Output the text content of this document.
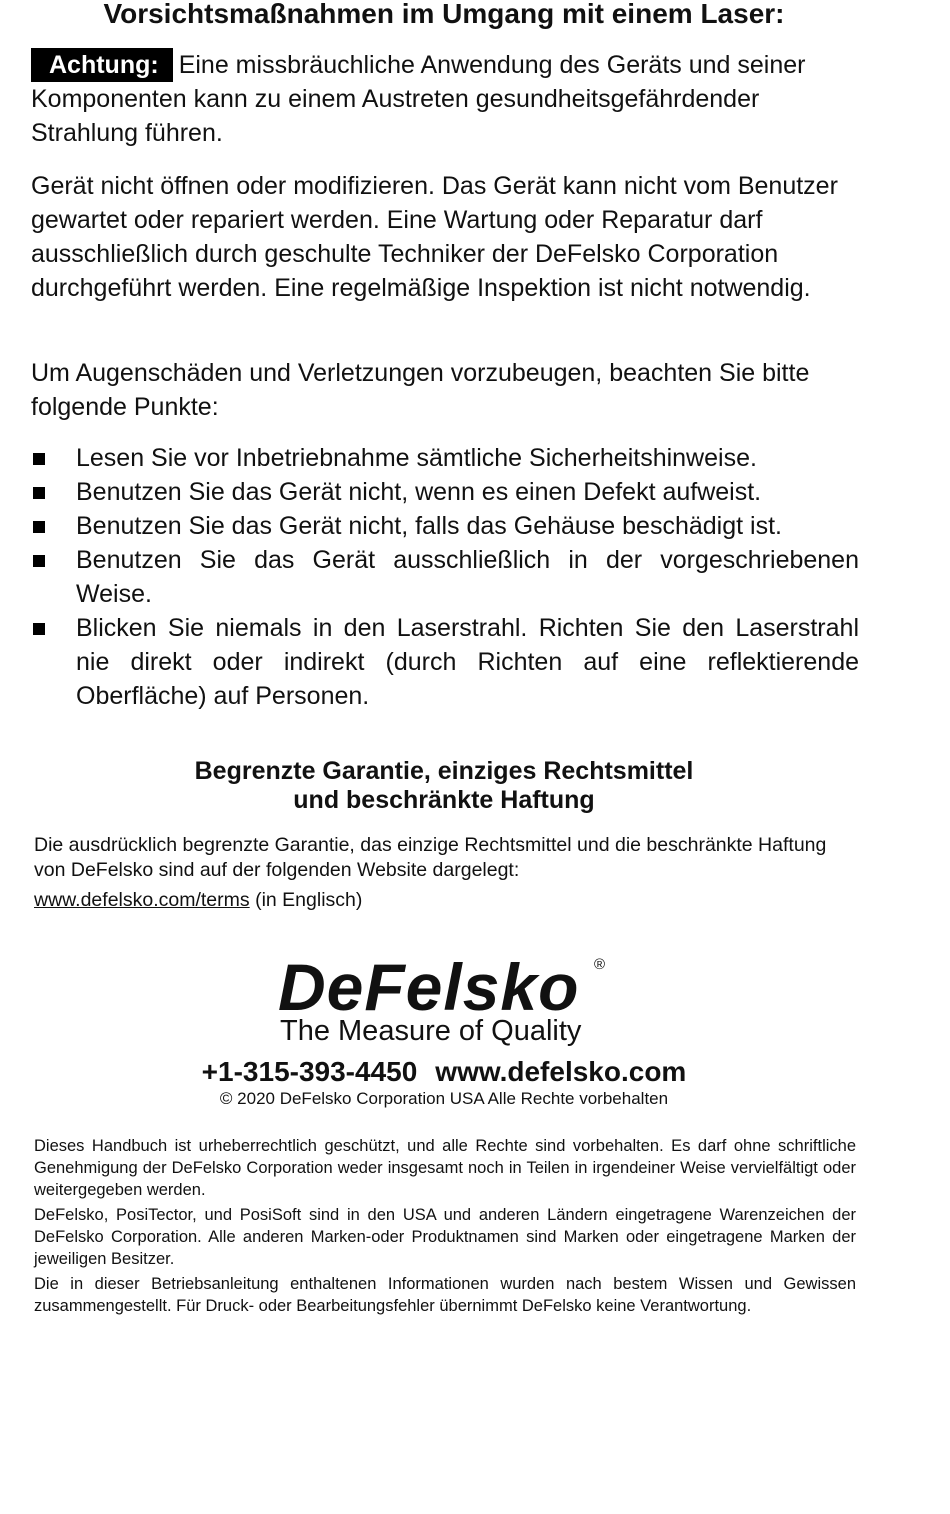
Vorsichtsmaßnahmen im Umgang mit einem Laser:

Achtung: Eine missbräuchliche Anwendung des Geräts und seiner Komponenten kann zu einem Austreten gesundheitsgefährdender Strahlung führen.

Gerät nicht öffnen oder modifizieren. Das Gerät kann nicht vom Benutzer gewartet oder repariert werden. Eine Wartung oder Reparatur darf ausschließlich durch geschulte Techniker der DeFelsko Corporation durchgeführt werden. Eine regelmäßige Inspektion ist nicht notwendig.

Um Augenschäden und Verletzungen vorzubeugen, beachten Sie bitte folgende Punkte:

Lesen Sie vor Inbetriebnahme sämtliche Sicherheitshinweise.
Benutzen Sie das Gerät nicht, wenn es einen Defekt aufweist.
Benutzen Sie das Gerät nicht, falls das Gehäuse beschädigt ist.
Benutzen Sie das Gerät ausschließlich in der vorgeschriebenen Weise.
Blicken Sie niemals in den Laserstrahl. Richten Sie den Laserstrahl nie direkt oder indirekt (durch Richten auf eine reflektierende Oberfläche) auf Personen.
Begrenzte Garantie, einziges Rechtsmittel
und beschränkte Haftung

Die ausdrücklich begrenzte Garantie, das einzige Rechtsmittel und die beschränkte Haftung von DeFelsko sind auf der folgenden Website dargelegt:

www.defelsko.com/terms (in Englisch)

DeFelsko ®
The Measure of Quality
+1-315-393-4450 www.defelsko.com
© 2020 DeFelsko Corporation USA Alle Rechte vorbehalten

Dieses Handbuch ist urheberrechtlich geschützt, und alle Rechte sind vorbehalten. Es darf ohne schriftliche Genehmigung der DeFelsko Corporation weder insgesamt noch in Teilen in irgendeiner Weise vervielfältigt oder weitergegeben werden.

DeFelsko, PosiTector, und PosiSoft sind in den USA und anderen Ländern eingetragene Warenzeichen der DeFelsko Corporation. Alle anderen Marken-oder Produktnamen sind Marken oder eingetragene Marken der jeweiligen Besitzer.

Die in dieser Betriebsanleitung enthaltenen Informationen wurden nach bestem Wissen und Gewissen zusammengestellt. Für Druck- oder Bearbeitungsfehler übernimmt DeFelsko keine Verantwortung.
